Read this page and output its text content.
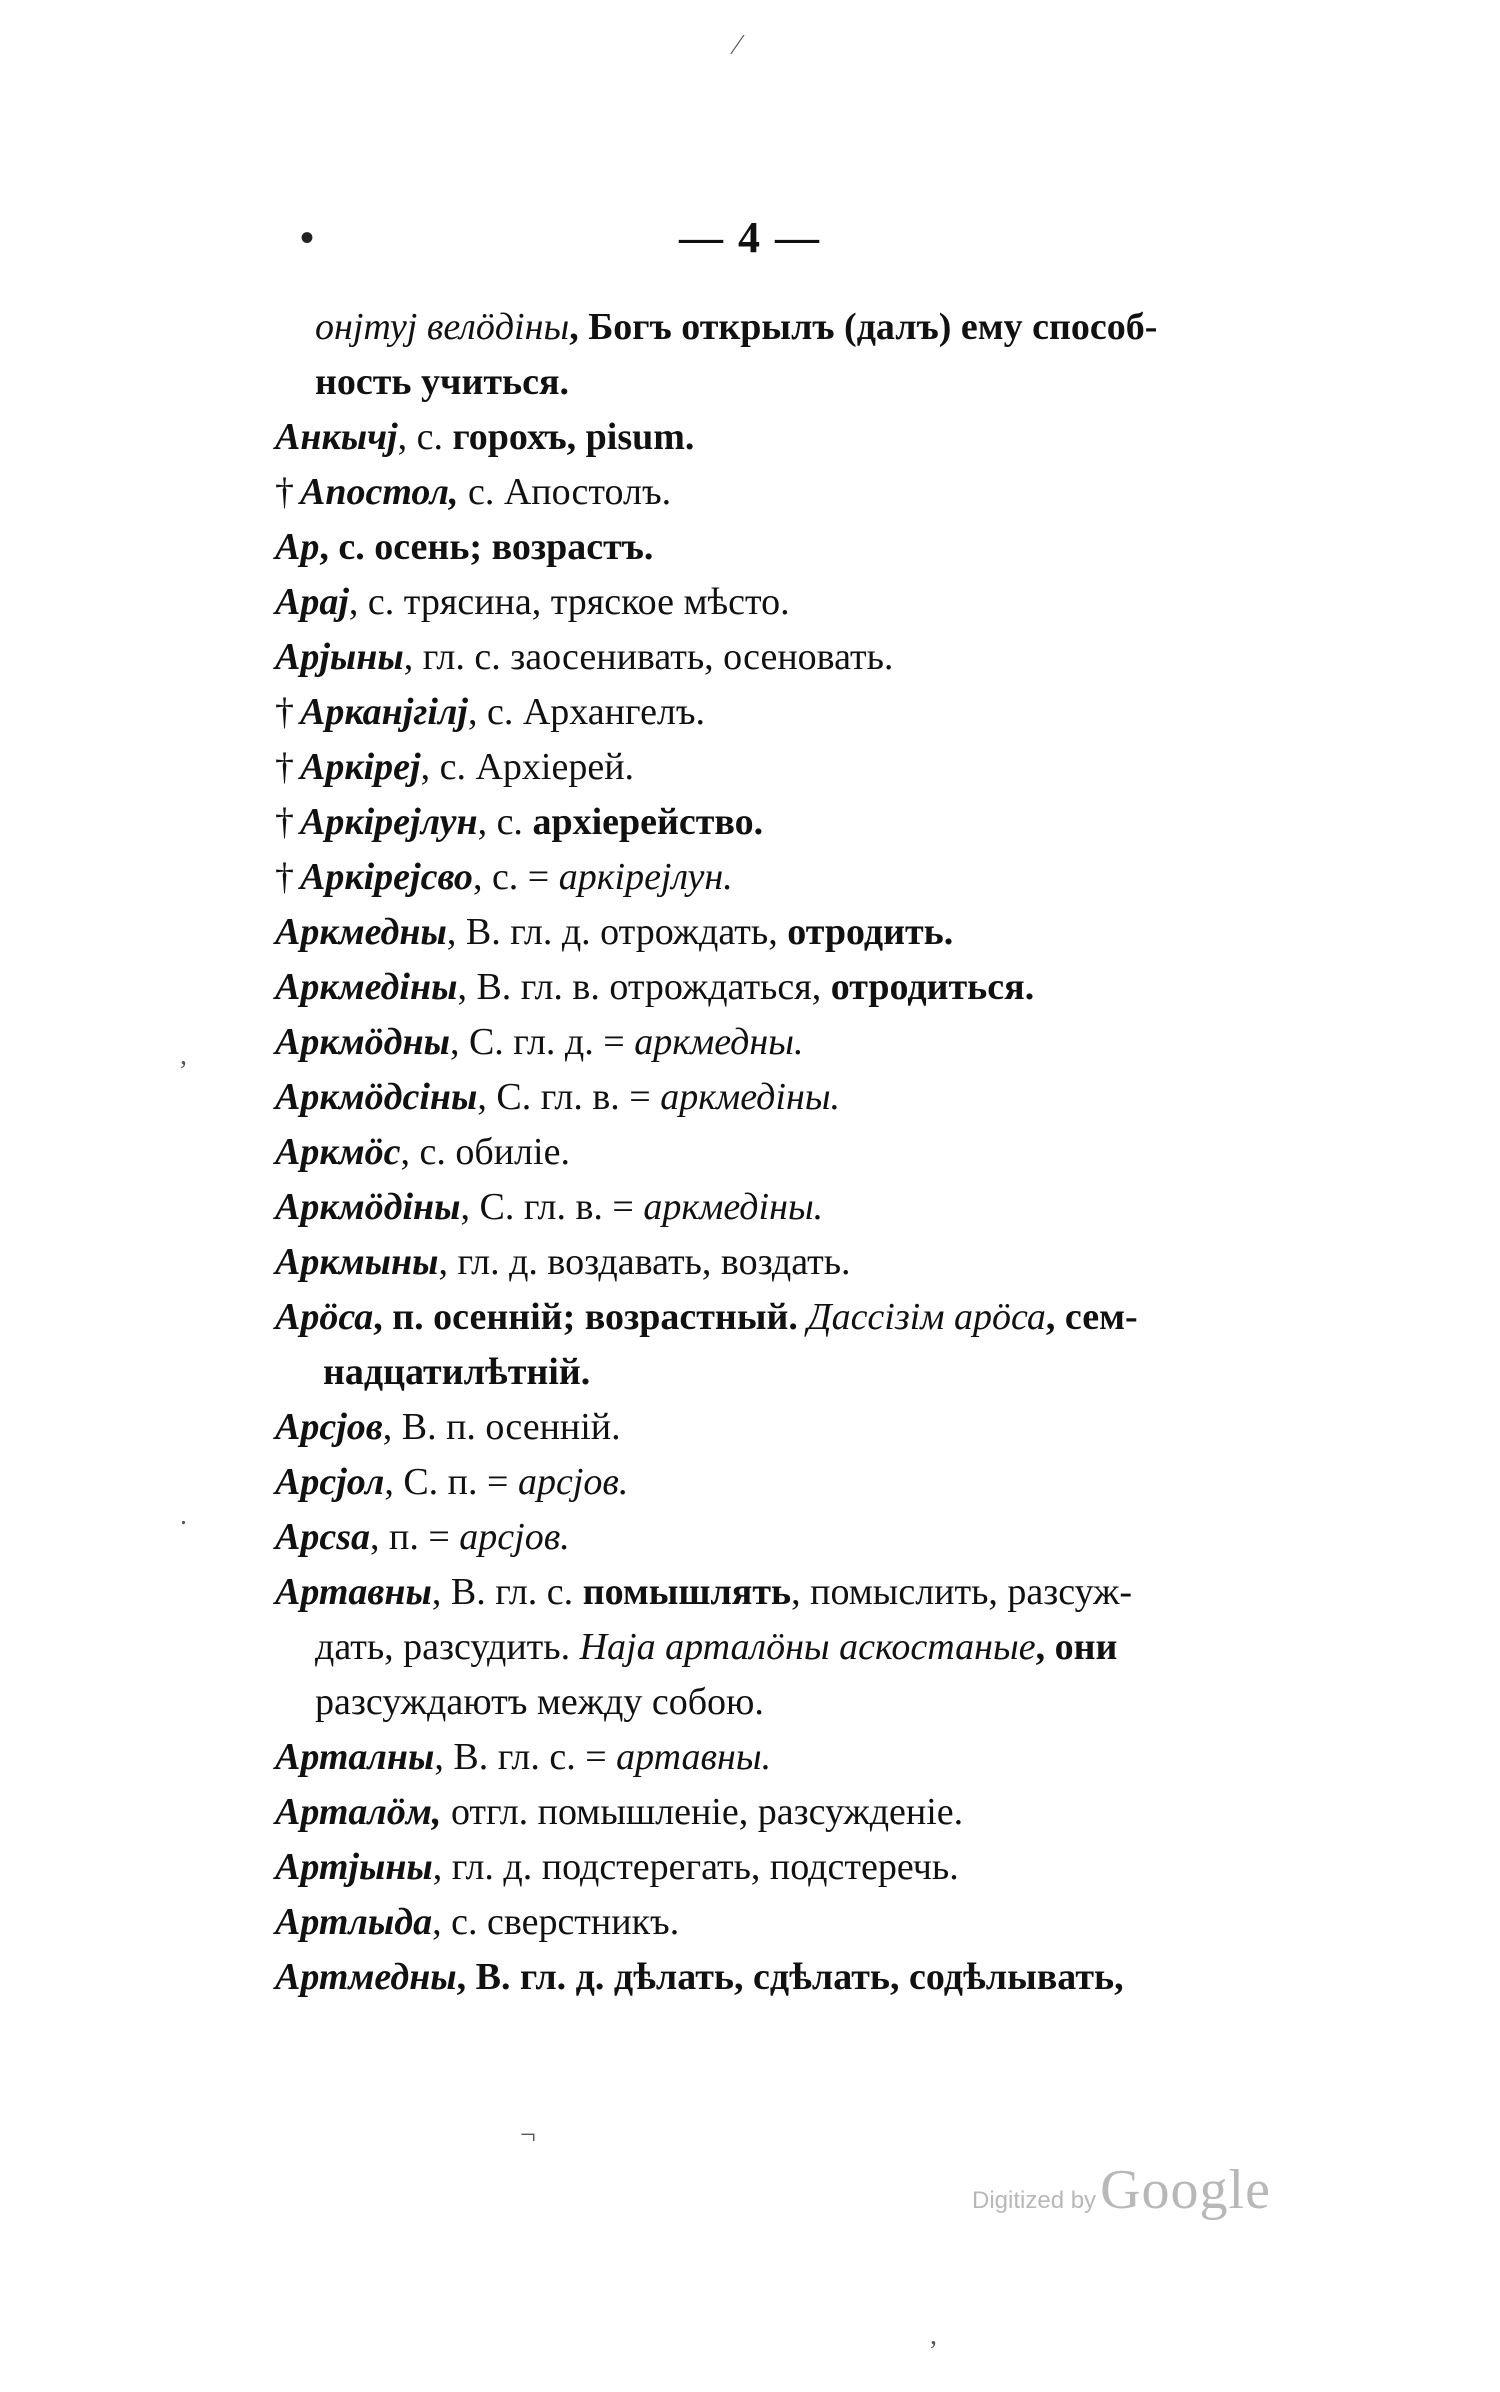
— 4 —
•
⁄
,
.
¬
,
онjтуj велöдiны, Богъ открылъ (далъ) ему способ-
ность учиться.
Анкычj, с. горохъ, pisum.
† Апостол, с. Апостолъ.
Ар, с. осень; возрастъ.
Араj, с. трясина, тряское мѣсто.
Арjыны, гл. с. заосенивать, осеновать.
† Арканjгiлj, с. Архангелъ.
† Аркiреj, с. Архiерей.
† Аркiреjлун, с. архiерейство.
† Аркiреjсво, с. = аркiреjлун.
Аркмедны, В. гл. д. отрождать, отродить.
Аркмедiны, В. гл. в. отрождаться, отродиться.
Аркмöдны, С. гл. д. = аркмедны.
Аркмöдсiны, С. гл. в. = аркмедiны.
Аркмöс, с. обилiе.
Аркмöдiны, С. гл. в. = аркмедiны.
Аркмыны, гл. д. воздавать, воздать.
Арöса, п. осеннiй; возрастный. Дассiзiм арöса, сем-
надцатилѣтнiй.
Арсjов, В. п. осеннiй.
Арсjол, С. п. = арсjов.
Арсsа, п. = арсjов.
Артавны, В. гл. с. помышлять, помыслить, разсуж-
дать, разсудить. Наjа арталöны аскостаные, они
разсуждаютъ между собою.
Арталны, В. гл. с. = артавны.
Арталöм, отгл. помышленiе, разсужденiе.
Артjыны, гл. д. подстерегать, подстеречь.
Артлыда, с. сверстникъ.
Артмедны, В. гл. д. дѣлать, сдѣлать, содѣлывать,
Digitized by Google
